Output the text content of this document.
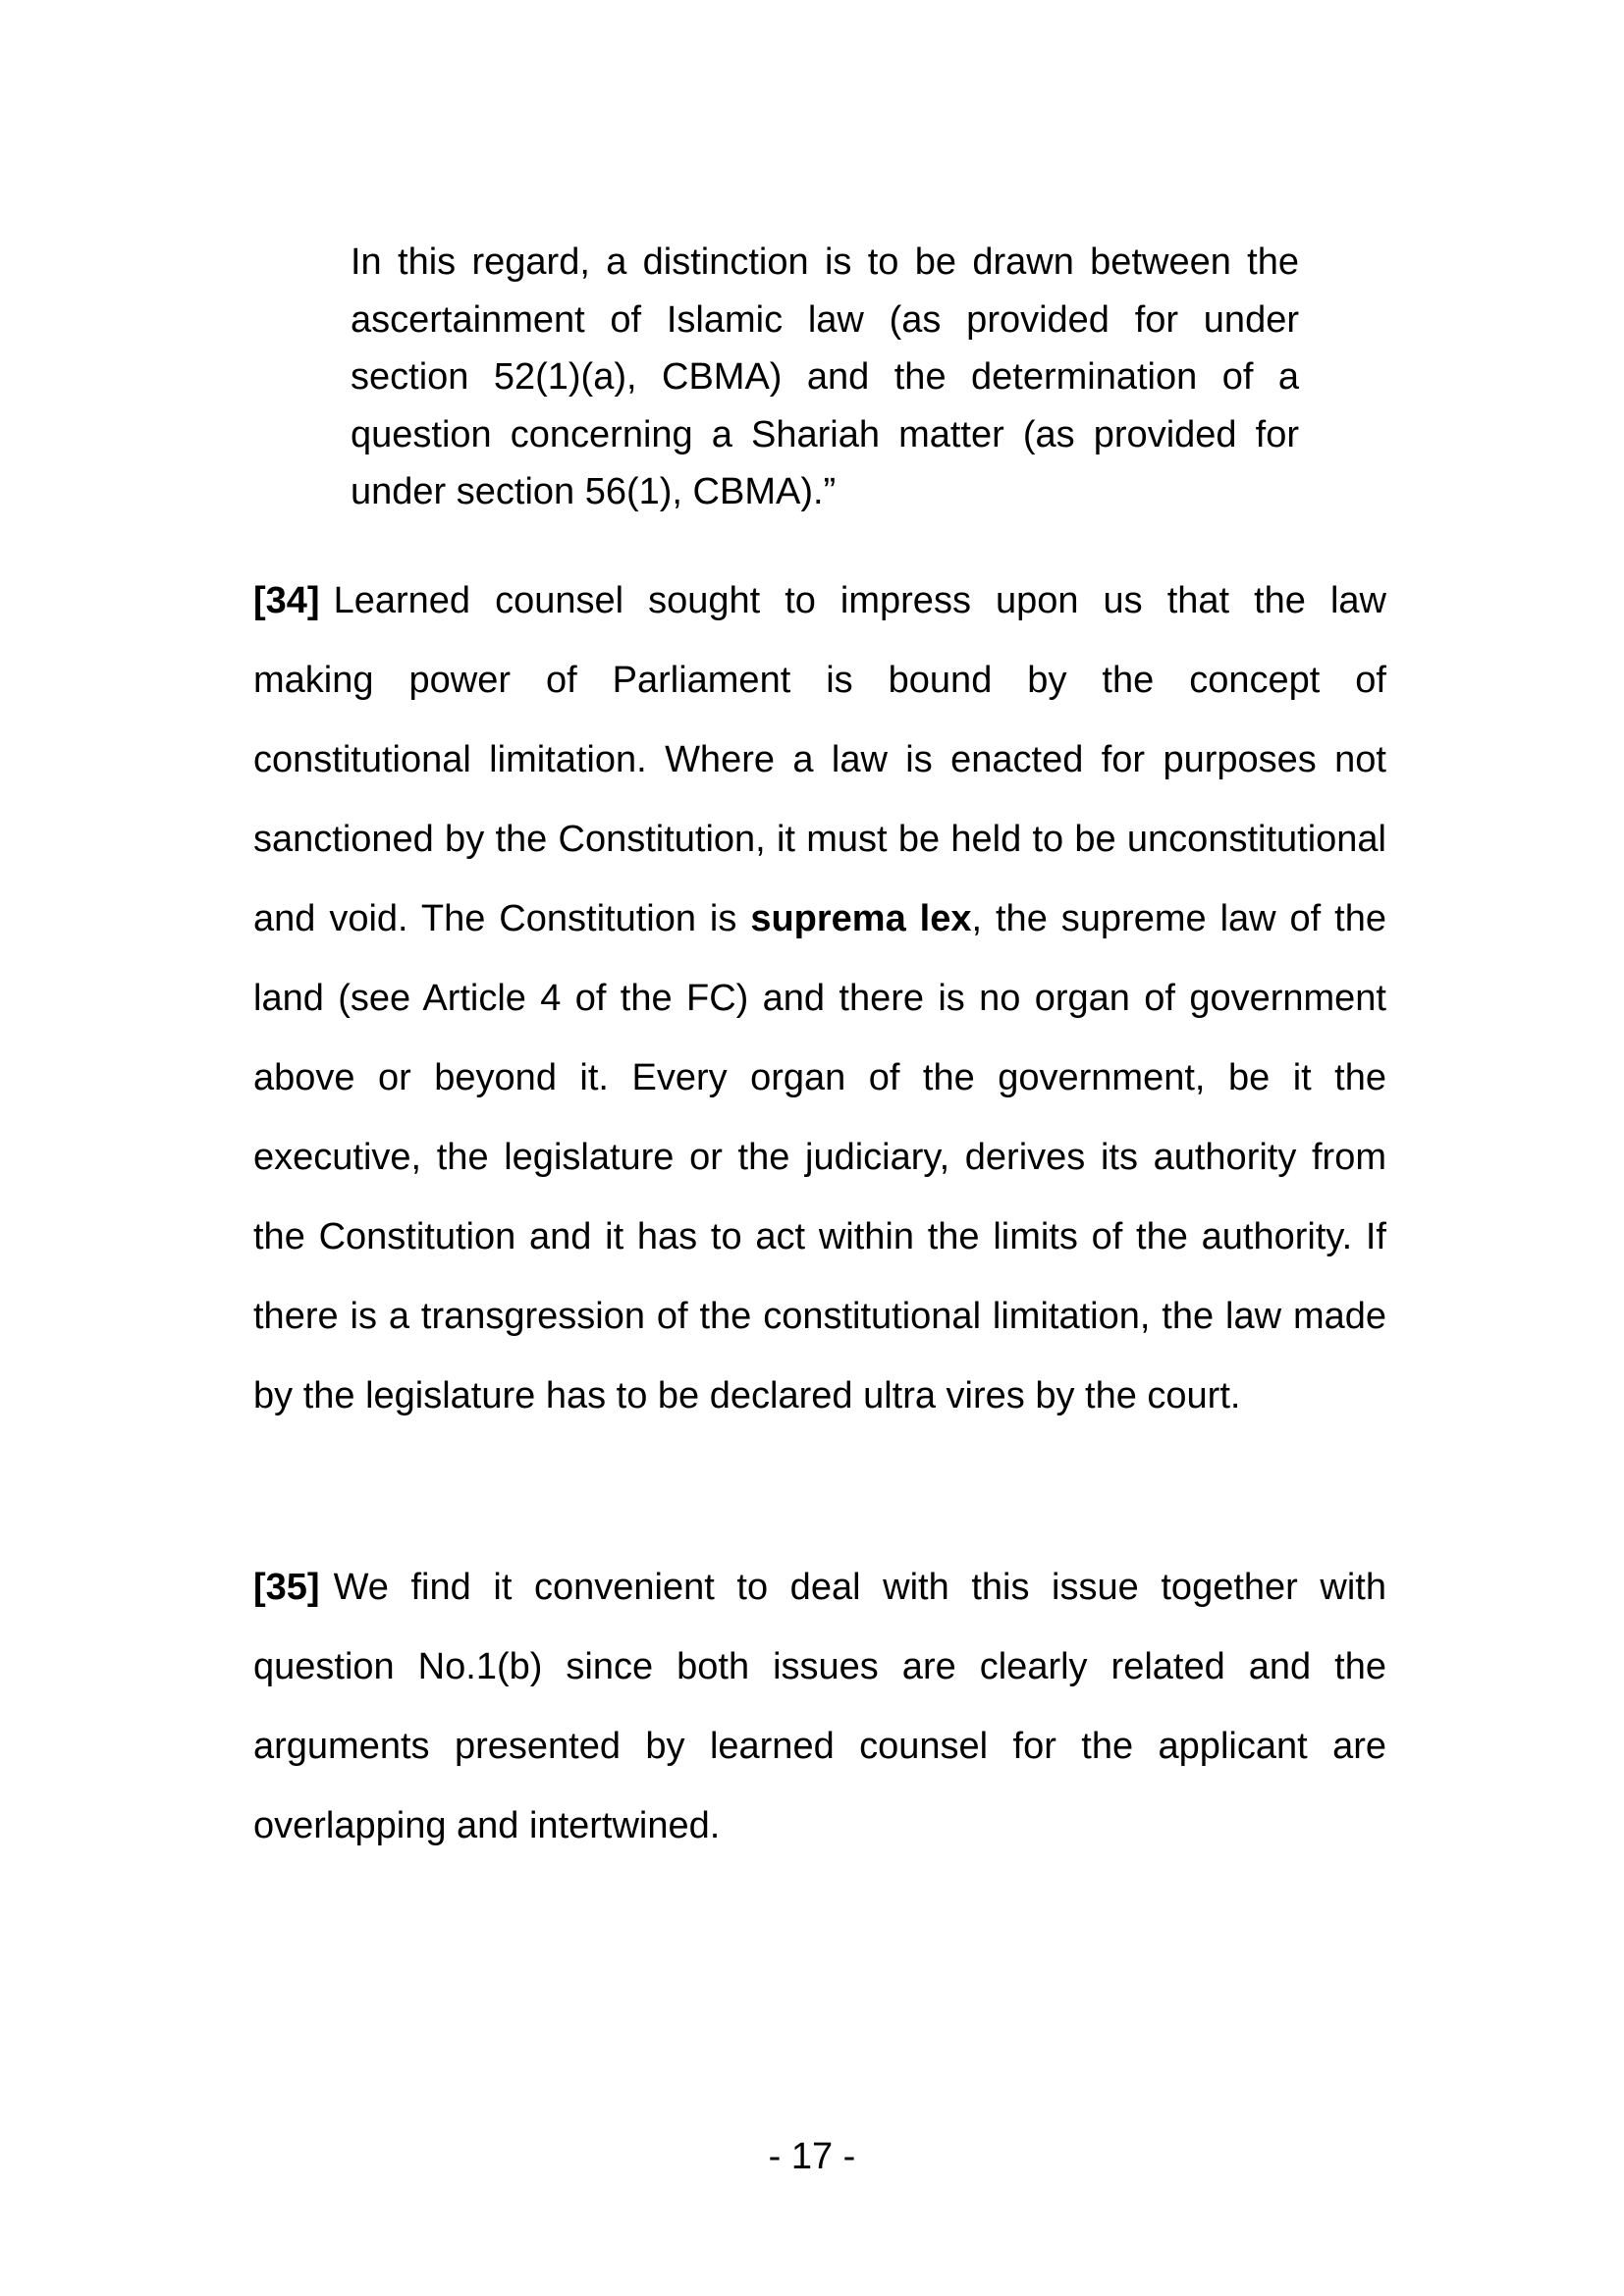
In this regard, a distinction is to be drawn between the ascertainment of Islamic law (as provided for under section 52(1)(a), CBMA) and the determination of a question concerning a Shariah matter (as provided for under section 56(1), CBMA).”

[34] Learned counsel sought to impress upon us that the law making power of Parliament is bound by the concept of constitutional limitation. Where a law is enacted for purposes not sanctioned by the Constitution, it must be held to be unconstitutional and void. The Constitution is suprema lex, the supreme law of the land (see Article 4 of the FC) and there is no organ of government above or beyond it. Every organ of the government, be it the executive, the legislature or the judiciary, derives its authority from the Constitution and it has to act within the limits of the authority. If there is a transgression of the constitutional limitation, the law made by the legislature has to be declared ultra vires by the court.

[35] We find it convenient to deal with this issue together with question No.1(b) since both issues are clearly related and the arguments presented by learned counsel for the applicant are overlapping and intertwined.

- 17 -
